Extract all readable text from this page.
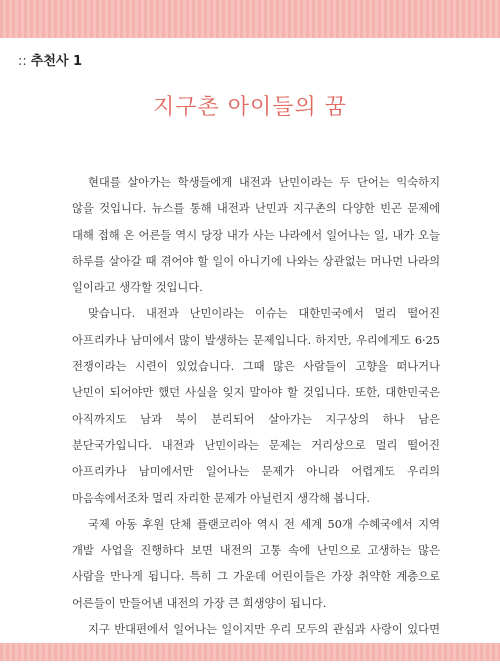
:: 추천사 1
지구촌 아이들의 꿈

현대를 살아가는 학생들에게 내전과 난민이라는 두 단어는 익숙하지 않을 것입니다. 뉴스를 통해 내전과 난민과 지구촌의 다양한 빈곤 문제에 대해 접해 온 어른들 역시 당장 내가 사는 나라에서 일어나는 일, 내가 오늘 하루를 살아갈 때 겪어야 할 일이 아니기에 나와는 상관없는 머나먼 나라의 일이라고 생각할 것입니다.

맞습니다. 내전과 난민이라는 이슈는 대한민국에서 멀리 떨어진 아프리카나 남미에서 많이 발생하는 문제입니다. 하지만, 우리에게도 6·25 전쟁이라는 시련이 있었습니다. 그때 많은 사람들이 고향을 떠나거나 난민이 되어야만 했던 사실을 잊지 말아야 할 것입니다. 또한, 대한민국은 아직까지도 남과 북이 분리되어 살아가는 지구상의 하나 남은 분단국가입니다. 내전과 난민이라는 문제는 거리상으로 멀리 떨어진 아프리카나 남미에서만 일어나는 문제가 아니라 어렵게도 우리의 마음속에서조차 멀리 자리한 문제가 아닐런지 생각해 봅니다.

국제 아동 후원 단체 플랜코리아 역시 전 세계 50개 수혜국에서 지역 개발 사업을 진행하다 보면 내전의 고통 속에 난민으로 고생하는 많은 사람을 만나게 됩니다. 특히 그 가운데 어린이들은 가장 취약한 계층으로 어른들이 만들어낸 내전의 가장 큰 희생양이 됩니다.

지구 반대편에서 일어나는 일이지만 우리 모두의 관심과 사랑이 있다면
